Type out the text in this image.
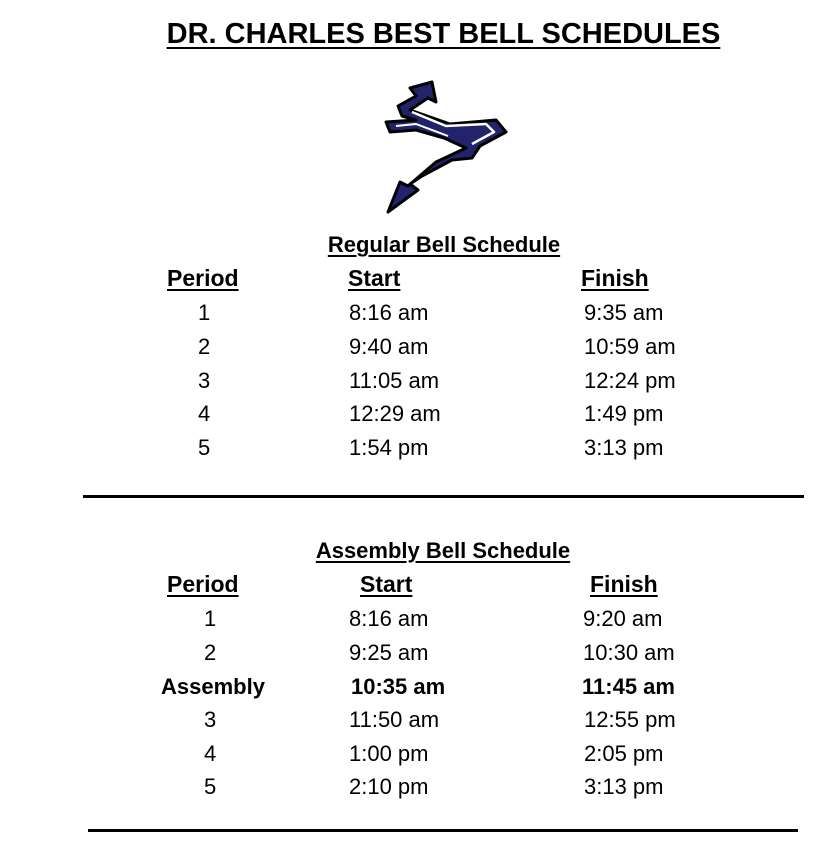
DR. CHARLES BEST BELL SCHEDULES
Regular Bell Schedule
Period	Start	Finish
1	8:16 am	9:35 am
2	9:40 am	10:59 am
3	11:05 am	12:24 pm
4	12:29 am	1:49 pm
5	1:54 pm	3:13 pm
Assembly Bell Schedule
Period	Start	Finish
1	8:16 am	9:20 am
2	9:25 am	10:30 am
Assembly	10:35 am	11:45 am
3	11:50 am	12:55 pm
4	1:00 pm	2:05 pm
5	2:10 pm	3:13 pm
